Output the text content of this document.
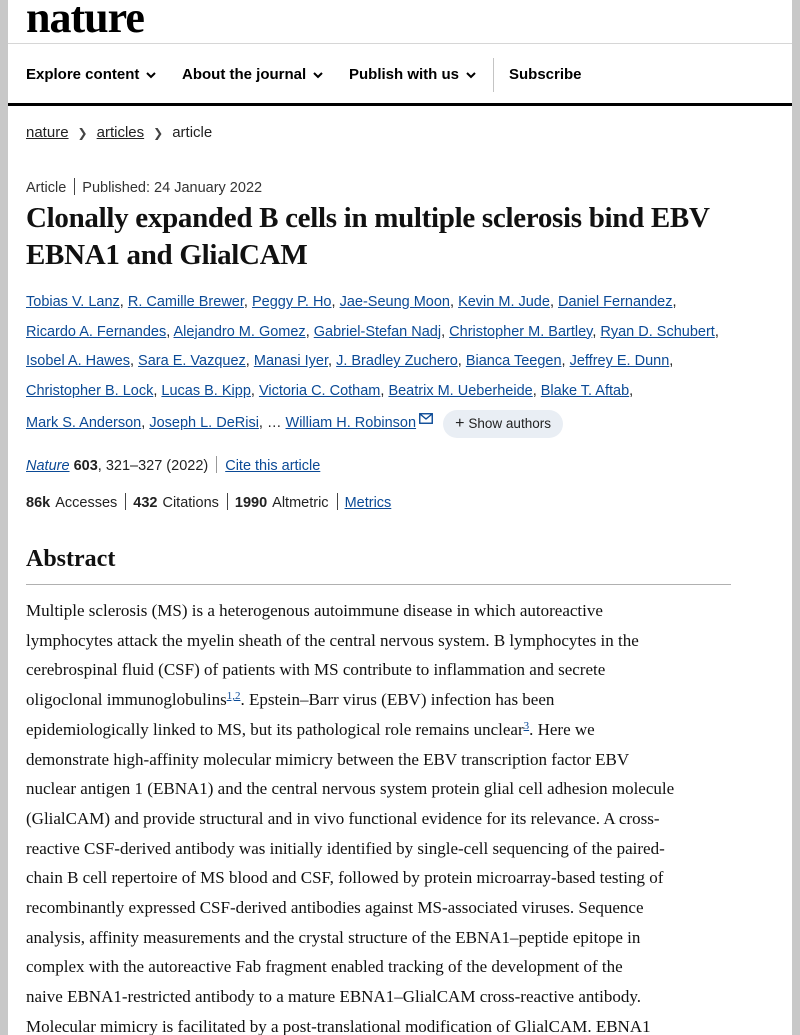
nature
Explore content	About the journal	Publish with us	Subscribe
nature ❯ articles ❯ article
Article Published: 24 January 2022
Clonally expanded B cells in multiple sclerosis bind EBV EBNA1 and GlialCAM
Tobias V. Lanz, R. Camille Brewer, Peggy P. Ho, Jae-Seung Moon, Kevin M. Jude, Daniel Fernandez, Ricardo A. Fernandes, Alejandro M. Gomez, Gabriel-Stefan Nadj, Christopher M. Bartley, Ryan D. Schubert, Isobel A. Hawes, Sara E. Vazquez, Manasi Iyer, J. Bradley Zuchero, Bianca Teegen, Jeffrey E. Dunn, Christopher B. Lock, Lucas B. Kipp, Victoria C. Cotham, Beatrix M. Ueberheide, Blake T. Aftab, Mark S. Anderson, Joseph L. DeRisi, … William H. Robinson + Show authors
Nature 603, 321–327 (2022) Cite this article
86k Accesses 432 Citations 1990 Altmetric Metrics
Abstract
Multiple sclerosis (MS) is a heterogenous autoimmune disease in which autoreactive
lymphocytes attack the myelin sheath of the central nervous system. B lymphocytes in the
cerebrospinal fluid (CSF) of patients with MS contribute to inflammation and secrete
oligoclonal immunoglobulins$^{1,2}$. Epstein–Barr virus (EBV) infection has been
epidemiologically linked to MS, but its pathological role remains unclear$^3$. Here we
demonstrate high-affinity molecular mimicry between the EBV transcription factor EBV
nuclear antigen 1 (EBNA1) and the central nervous system protein glial cell adhesion molecule
(GlialCAM) and provide structural and in vivo functional evidence for its relevance. A cross-
reactive CSF-derived antibody was initially identified by single-cell sequencing of the paired-
chain B cell repertoire of MS blood and CSF, followed by protein microarray-based testing of
recombinantly expressed CSF-derived antibodies against MS-associated viruses. Sequence
analysis, affinity measurements and the crystal structure of the EBNA1–peptide epitope in
complex with the autoreactive Fab fragment enabled tracking of the development of the
naive EBNA1-restricted antibody to a mature EBNA1–GlialCAM cross-reactive antibody.
Molecular mimicry is facilitated by a post-translational modification of GlialCAM. EBNA1
